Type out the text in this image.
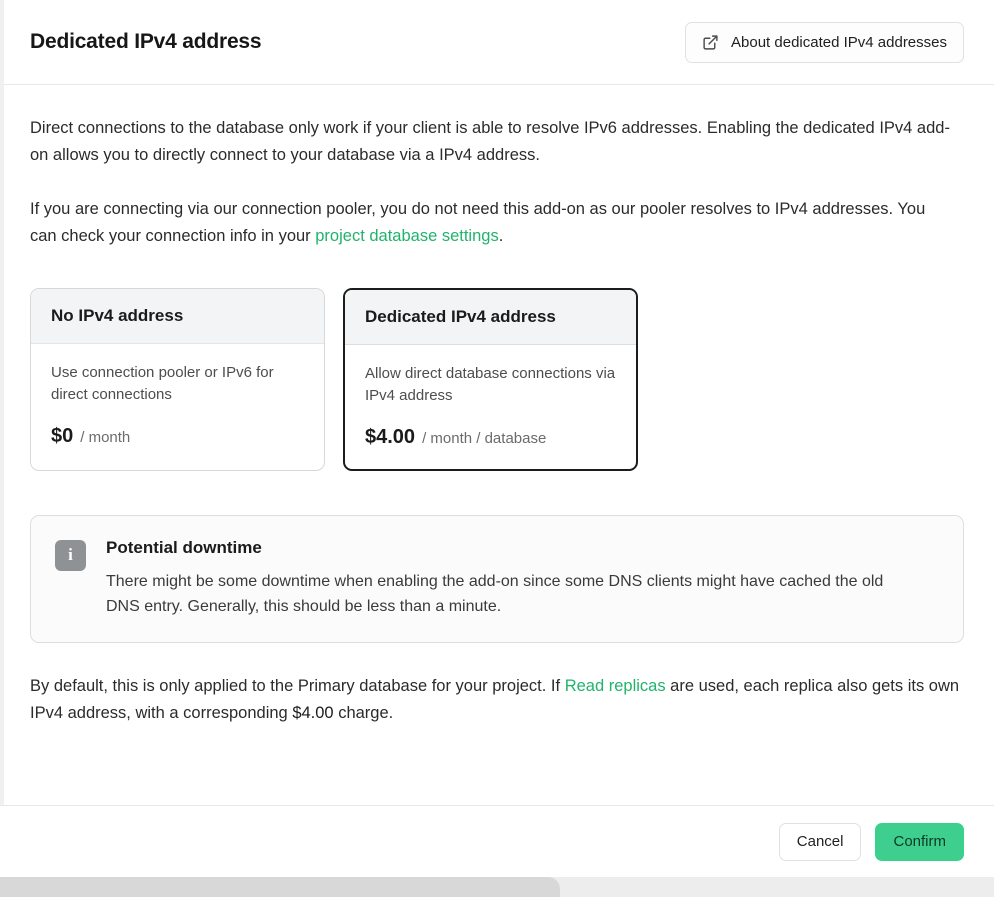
Dedicated IPv4 address	About dedicated IPv4 addresses

Direct connections to the database only work if your client is able to resolve IPv6 addresses. Enabling the dedicated IPv4 add-on allows you to directly connect to your database via a IPv4 address.

If you are connecting via our connection pooler, you do not need this add-on as our pooler resolves to IPv4 addresses. You can check your connection info in your project database settings.

No IPv4 address

Use connection pooler or IPv6 for direct connections

$0 / month
Dedicated IPv4 address

Allow direct database connections via IPv4 address

$4.00 / month / database
i	Potential downtime

There might be some downtime when enabling the add-on since some DNS clients might have cached the old DNS entry. Generally, this should be less than a minute.

By default, this is only applied to the Primary database for your project. If Read replicas are used, each replica also gets its own IPv4 address, with a corresponding $4.00 charge.

Cancel	Confirm
